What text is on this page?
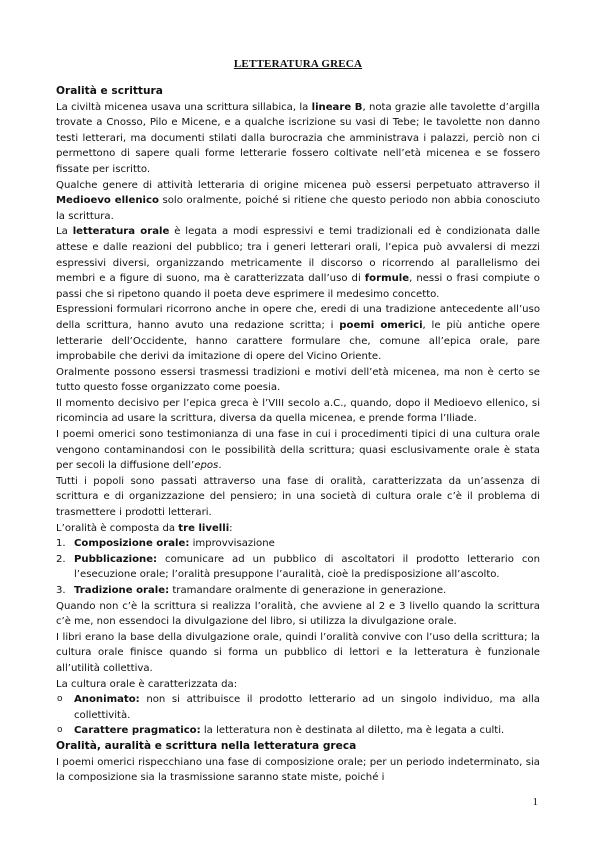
LETTERATURA GRECA

Oralità e scrittura

La civiltà micenea usava una scrittura sillabica, la lineare B, nota grazie alle tavolette d’argilla trovate a Cnosso, Pilo e Micene, e a qualche iscrizione su vasi di Tebe; le tavolette non danno testi letterari, ma documenti stilati dalla burocrazia che amministrava i palazzi, perciò non ci permettono di sapere quali forme letterarie fossero coltivate nell’età micenea e se fossero fissate per iscritto.

Qualche genere di attività letteraria di origine micenea può essersi perpetuato attraverso il Medioevo ellenico solo oralmente, poiché si ritiene che questo periodo non abbia conosciuto la scrittura.

La letteratura orale è legata a modi espressivi e temi tradizionali ed è condizionata dalle attese e dalle reazioni del pubblico; tra i generi letterari orali, l’epica può avvalersi di mezzi espressivi diversi, organizzando metricamente il discorso o ricorrendo al parallelismo dei membri e a figure di suono, ma è caratterizzata dall’uso di formule, nessi o frasi compiute o passi che si ripetono quando il poeta deve esprimere il medesimo concetto.

Espressioni formulari ricorrono anche in opere che, eredi di una tradizione antecedente all’uso della scrittura, hanno avuto una redazione scritta; i poemi omerici, le più antiche opere letterarie dell’Occidente, hanno carattere formulare che, comune all’epica orale, pare improbabile che derivi da imitazione di opere del Vicino Oriente.

Oralmente possono essersi trasmessi tradizioni e motivi dell’età micenea, ma non è certo se tutto questo fosse organizzato come poesia.

Il momento decisivo per l’epica greca è l’VIII secolo a.C., quando, dopo il Medioevo ellenico, si ricomincia ad usare la scrittura, diversa da quella micenea, e prende forma l’Iliade.

I poemi omerici sono testimonianza di una fase in cui i procedimenti tipici di una cultura orale vengono contaminandosi con le possibilità della scrittura; quasi esclusivamente orale è stata per secoli la diffusione dell’epos.

Tutti i popoli sono passati attraverso una fase di oralità, caratterizzata da un’assenza di scrittura e di organizzazione del pensiero; in una società di cultura orale c’è il problema di trasmettere i prodotti letterari.

L’oralità è composta da tre livelli:

1. Composizione orale: improvvisazione

2. Pubblicazione: comunicare ad un pubblico di ascoltatori il prodotto letterario con l’esecuzione orale; l’oralità presuppone l’auralità, cioè la predisposizione all’ascolto.

3. Tradizione orale: tramandare oralmente di generazione in generazione.

Quando non c’è la scrittura si realizza l’oralità, che avviene al 2 e 3 livello quando la scrittura c’è me, non essendoci la divulgazione del libro, si utilizza la divulgazione orale.

I libri erano la base della divulgazione orale, quindi l’oralità convive con l’uso della scrittura; la cultura orale finisce quando si forma un pubblico di lettori e la letteratura è funzionale all’utilità collettiva.

La cultura orale è caratterizzata da:

o Anonimato: non si attribuisce il prodotto letterario ad un singolo individuo, ma alla collettività.

o Carattere pragmatico: la letteratura non è destinata al diletto, ma è legata a culti.

Oralità, auralità e scrittura nella letteratura greca

I poemi omerici rispecchiano una fase di composizione orale; per un periodo indeterminato, sia la composizione sia la trasmissione saranno state miste, poiché i

1
